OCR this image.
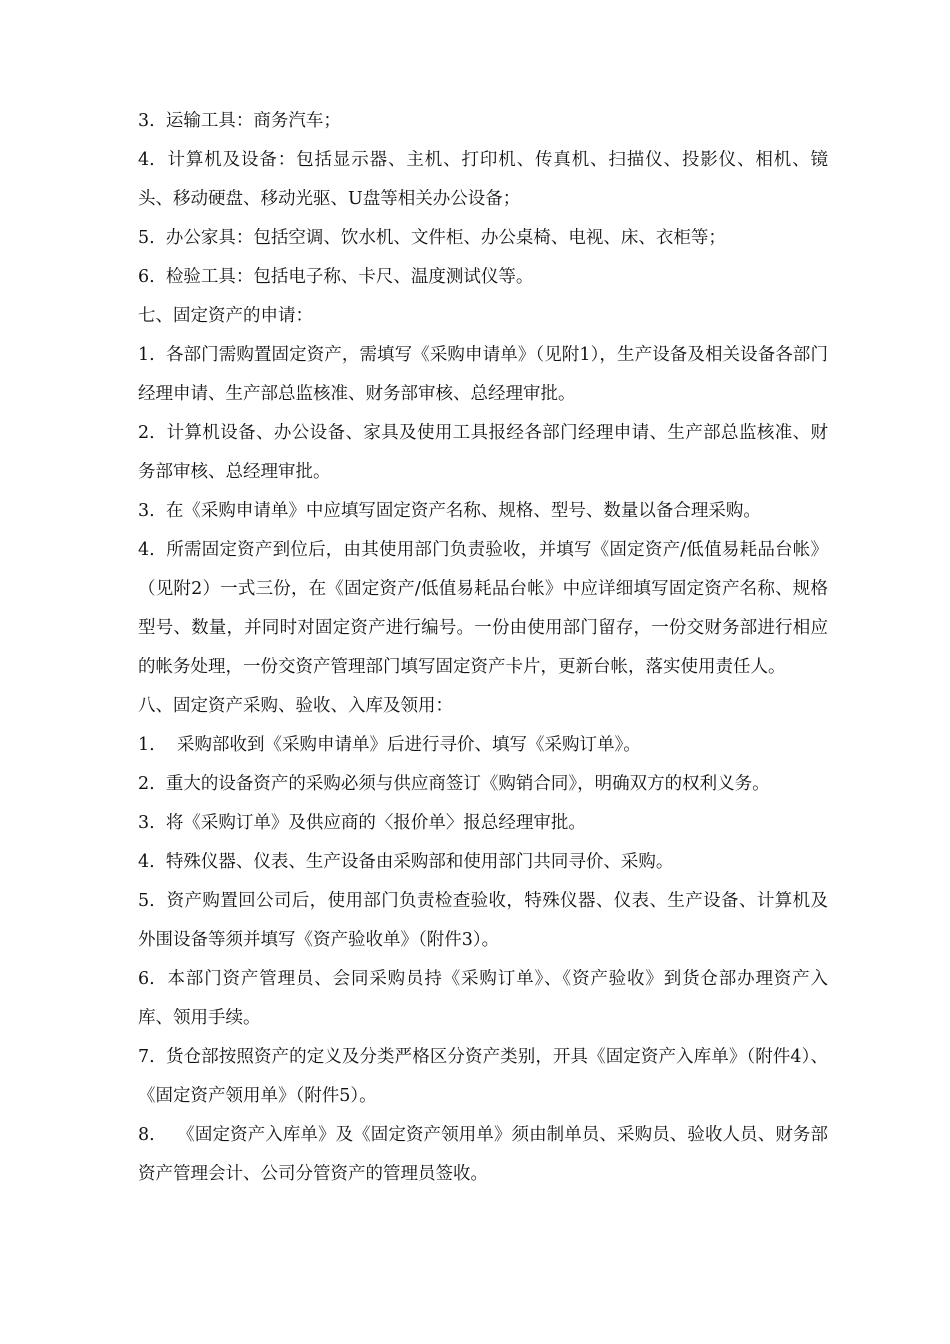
3.  运输工具：商务汽车；

4.  计算机及设备：包括显示器、主机、打印机、传真机、扫描仪、投影仪、相机、镜头、移动硬盘、移动光驱、U盘等相关办公设备；

5.  办公家具：包括空调、饮水机、文件柜、办公桌椅、电视、床、衣柜等；

6.  检验工具：包括电子称、卡尺、温度测试仪等。

七、固定资产的申请：

1.  各部门需购置固定资产，需填写《采购申请单》（见附1），生产设备及相关设备各部门经理申请、生产部总监核准、财务部审核、总经理审批。

2.  计算机设备、办公设备、家具及使用工具报经各部门经理申请、生产部总监核准、财务部审核、总经理审批。

3.  在《采购申请单》中应填写固定资产名称、规格、型号、数量以备合理采购。

4.  所需固定资产到位后，由其使用部门负责验收，并填写《固定资产/低值易耗品台帐》（见附2）一式三份，在《固定资产/低值易耗品台帐》中应详细填写固定资产名称、规格型号、数量，并同时对固定资产进行编号。一份由使用部门留存，一份交财务部进行相应的帐务处理，一份交资产管理部门填写固定资产卡片，更新台帐，落实使用责任人。

八、固定资产采购、验收、入库及领用：

1.    采购部收到《采购申请单》后进行寻价、填写《采购订单》。

2.  重大的设备资产的采购必须与供应商签订《购销合同》，明确双方的权利义务。

3.  将《采购订单》及供应商的〈报价单〉报总经理审批。

4.  特殊仪器、仪表、生产设备由采购部和使用部门共同寻价、采购。

5.  资产购置回公司后，使用部门负责检查验收，特殊仪器、仪表、生产设备、计算机及外围设备等须并填写《资产验收单》（附件3）。

6.  本部门资产管理员、会同采购员持《采购订单》、《资产验收》到货仓部办理资产入库、领用手续。

7.  货仓部按照资产的定义及分类严格区分资产类别，开具《固定资产入库单》（附件4）、《固定资产领用单》（附件5）。

8.    《固定资产入库单》及《固定资产领用单》须由制单员、采购员、验收人员、财务部资产管理会计、公司分管资产的管理员签收。
